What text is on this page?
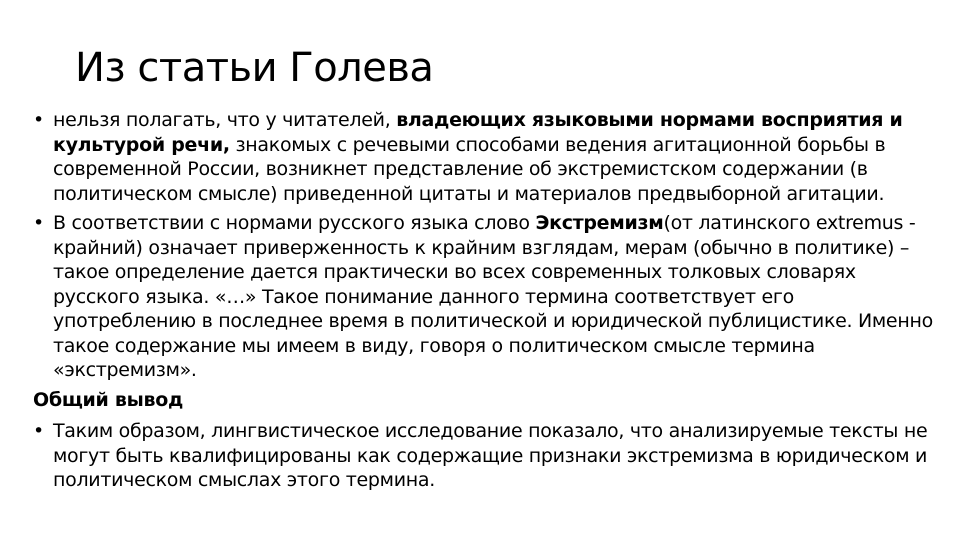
Из статьи Голева
• нельзя полагать, что у читателей, владеющих языковыми нормами восприятия и культурой речи, знакомых с речевыми способами ведения агитационной борьбы в современной России, возникнет представление об экстремистском содержании (в политическом смысле) приведенной цитаты и материалов предвыборной агитации.
• В соответствии с нормами русского языка слово Экстремизм(от латинского extremus - крайний) означает приверженность к крайним взглядам, мерам (обычно в политике) – такое определение дается практически во всех современных толковых словарях русского языка. «…» Такое понимание данного термина соответствует его употреблению в последнее время в политической и юридической публицистике. Именно такое содержание мы имеем в виду, говоря о политическом смысле термина «экстремизм».
Общий вывод
• Таким образом, лингвистическое исследование показало, что анализируемые тексты не могут быть квалифицированы как содержащие признаки экстремизма в юридическом и политическом смыслах этого термина.
